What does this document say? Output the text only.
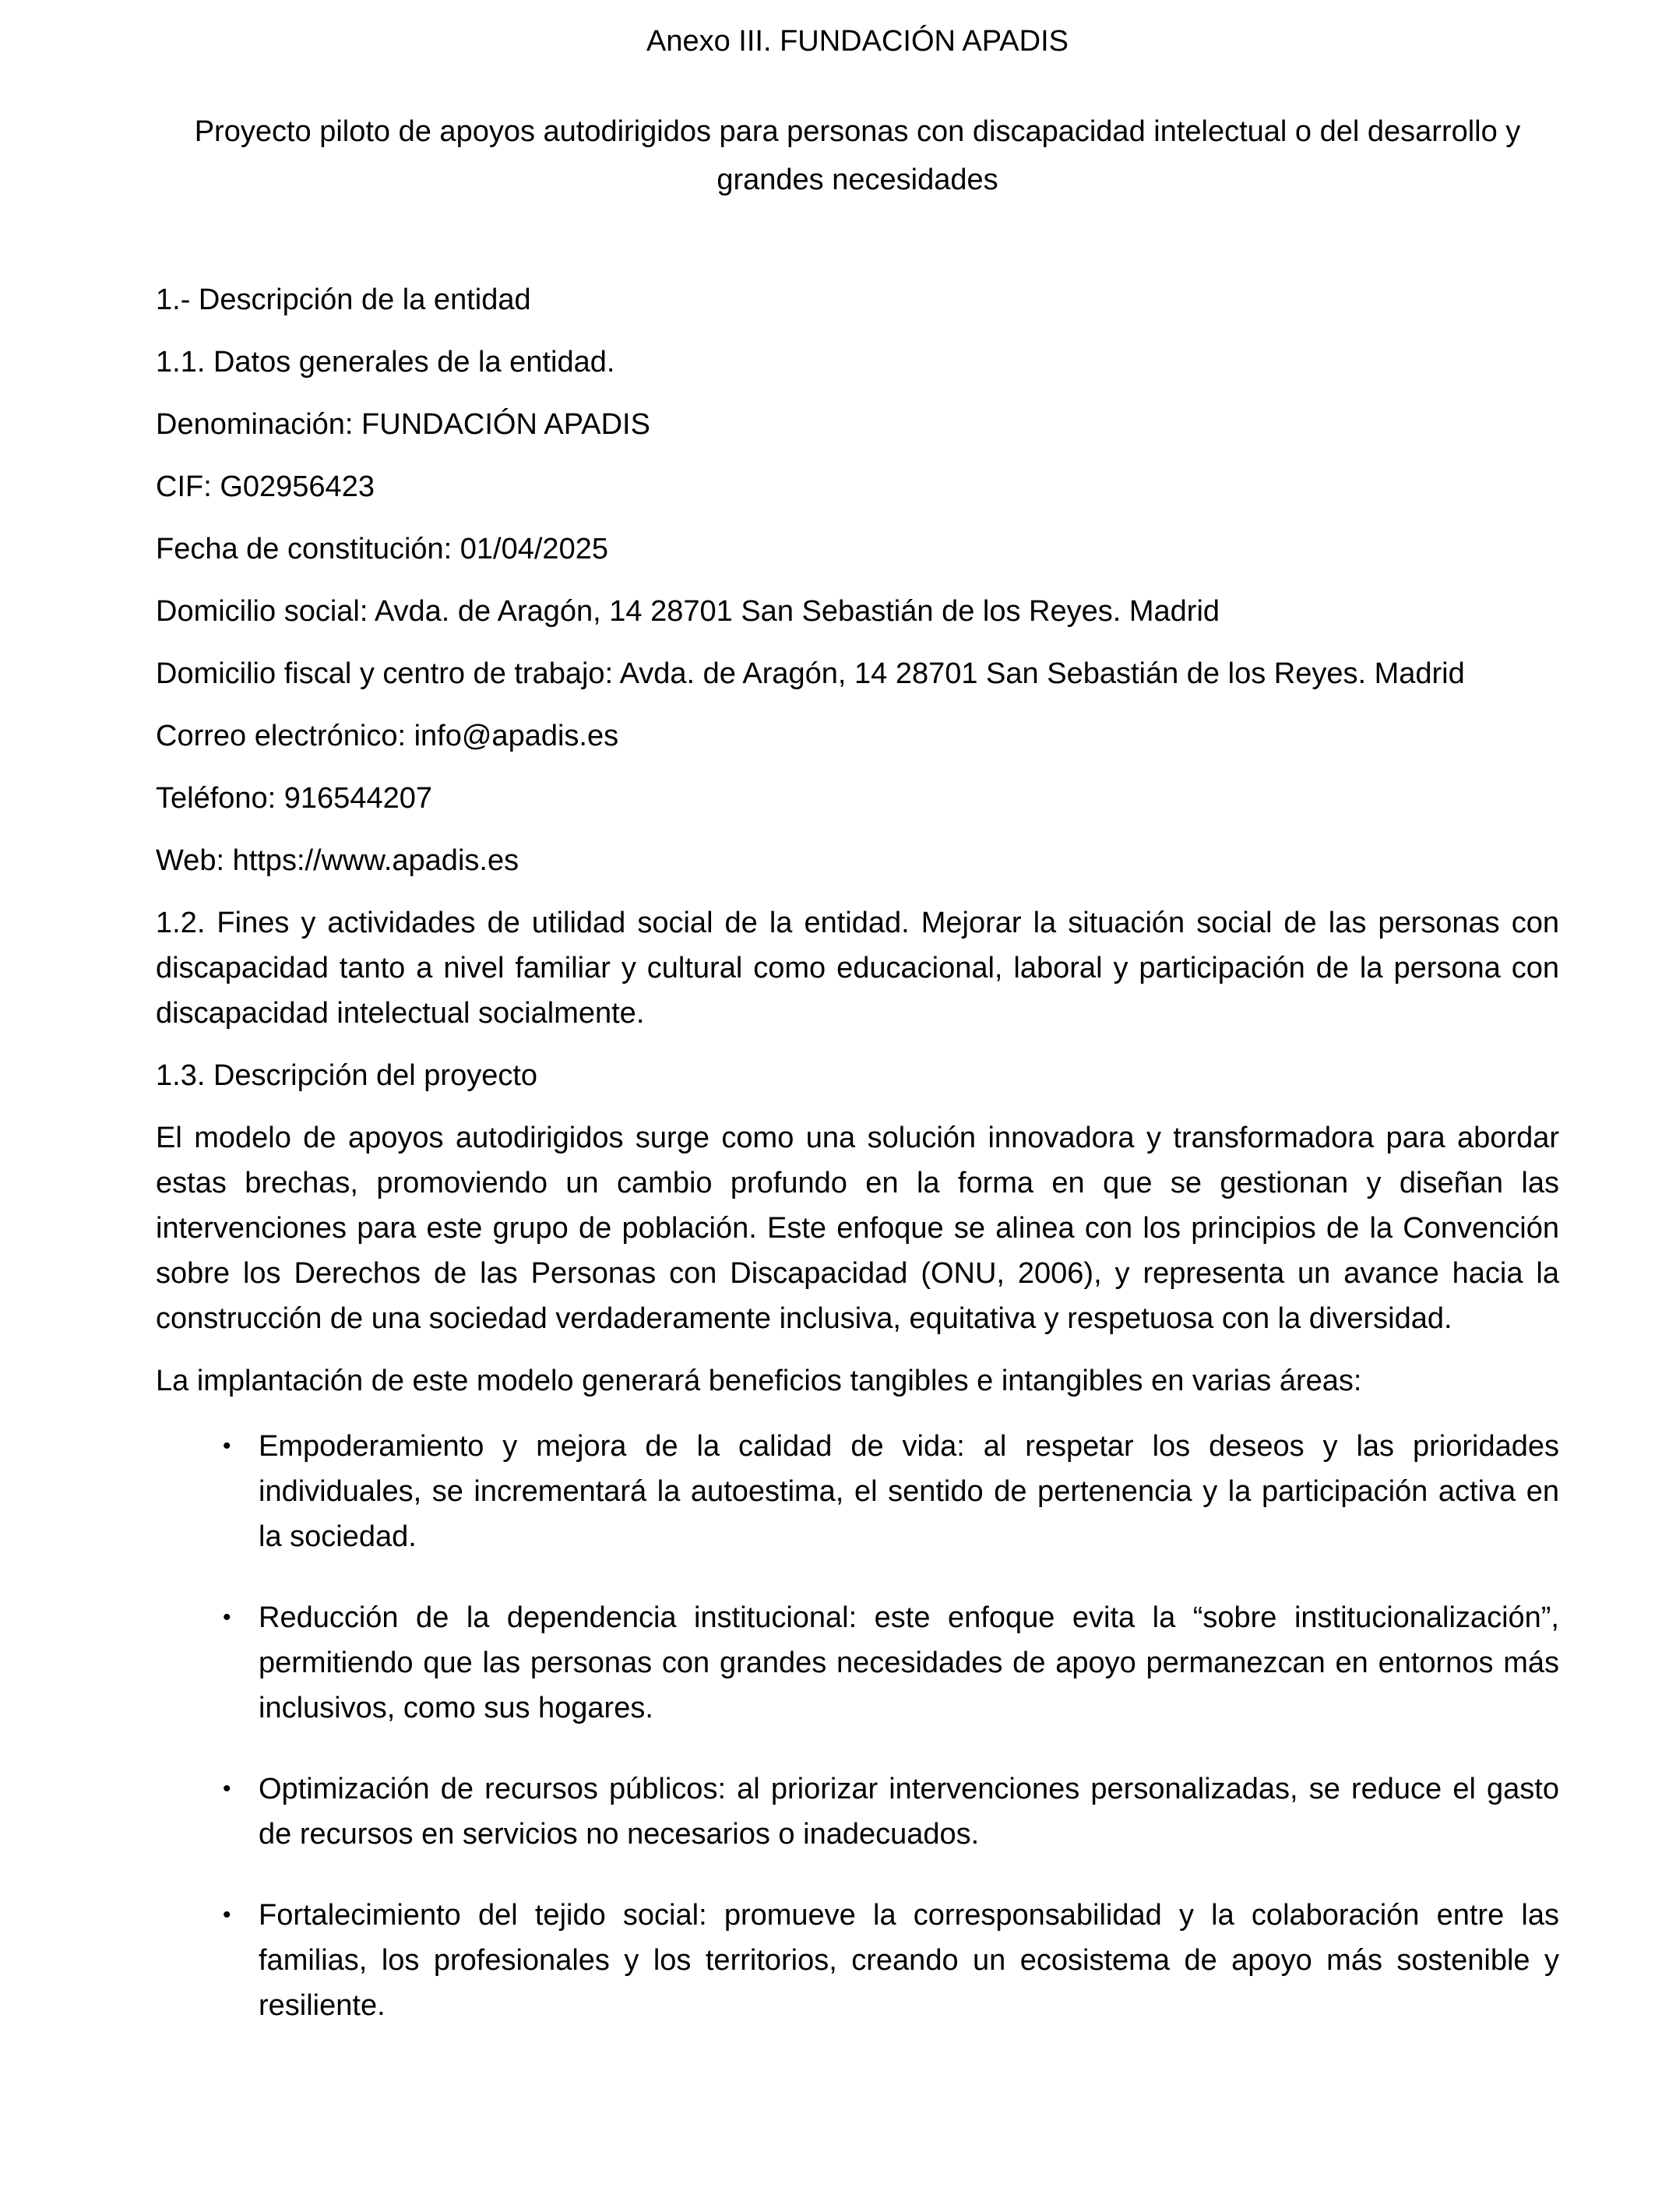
Anexo III. FUNDACIÓN APADIS

Proyecto piloto de apoyos autodirigidos para personas con discapacidad intelectual o del desarrollo y grandes necesidades

1.- Descripción de la entidad

1.1. Datos generales de la entidad.

Denominación: FUNDACIÓN APADIS

CIF: G02956423

Fecha de constitución: 01/04/2025

Domicilio social: Avda. de Aragón, 14 28701 San Sebastián de los Reyes. Madrid

Domicilio fiscal y centro de trabajo: Avda. de Aragón, 14 28701 San Sebastián de los Reyes. Madrid

Correo electrónico: info@apadis.es

Teléfono: 916544207

Web: https://www.apadis.es

1.2. Fines y actividades de utilidad social de la entidad. Mejorar la situación social de las personas con discapacidad tanto a nivel familiar y cultural como educacional, laboral y participación de la persona con discapacidad intelectual socialmente.

1.3. Descripción del proyecto

El modelo de apoyos autodirigidos surge como una solución innovadora y transformadora para abordar estas brechas, promoviendo un cambio profundo en la forma en que se gestionan y diseñan las intervenciones para este grupo de población. Este enfoque se alinea con los principios de la Convención sobre los Derechos de las Personas con Discapacidad (ONU, 2006), y representa un avance hacia la construcción de una sociedad verdaderamente inclusiva, equitativa y respetuosa con la diversidad.

La implantación de este modelo generará beneficios tangibles e intangibles en varias áreas:

• Empoderamiento y mejora de la calidad de vida: al respetar los deseos y las prioridades individuales, se incrementará la autoestima, el sentido de pertenencia y la participación activa en la sociedad.
• Reducción de la dependencia institucional: este enfoque evita la “sobre institucionalización”, permitiendo que las personas con grandes necesidades de apoyo permanezcan en entornos más inclusivos, como sus hogares.
• Optimización de recursos públicos: al priorizar intervenciones personalizadas, se reduce el gasto de recursos en servicios no necesarios o inadecuados.
• Fortalecimiento del tejido social: promueve la corresponsabilidad y la colaboración entre las familias, los profesionales y los territorios, creando un ecosistema de apoyo más sostenible y resiliente.
